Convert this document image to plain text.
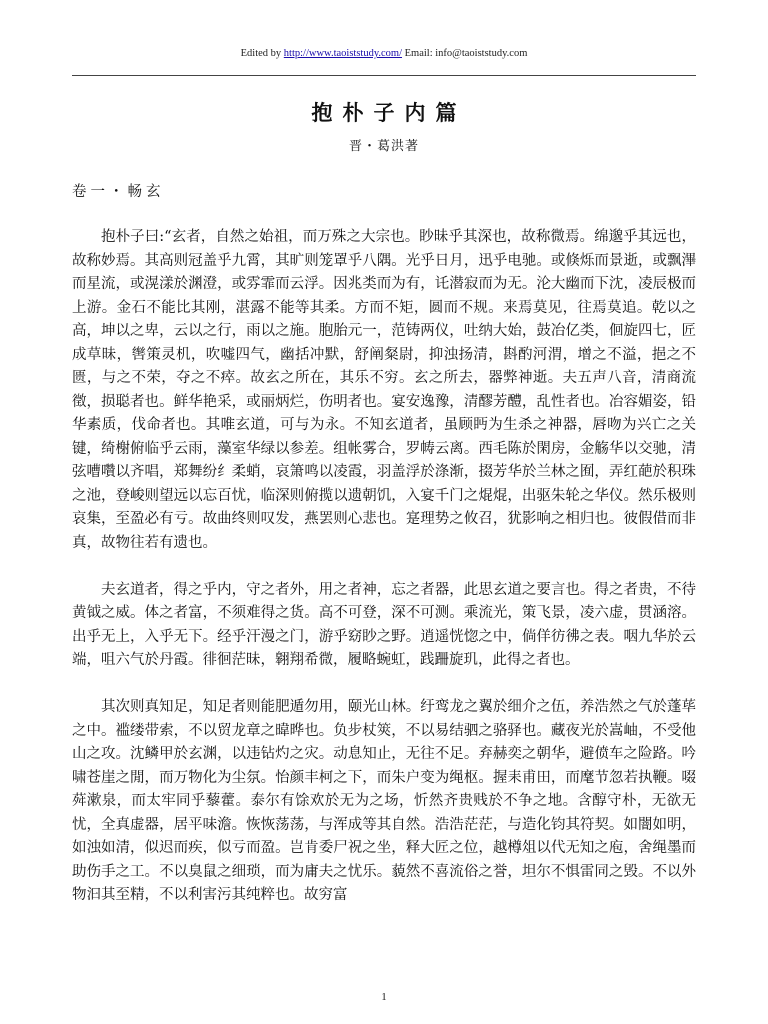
Edited by http://www.taoiststudy.com/ Email: info@taoiststudy.com
抱朴子内篇
晋・葛洪著
卷一・畅玄

抱朴子曰:“玄者，自然之始祖，而万殊之大宗也。眇昧乎其深也，故称微焉。绵邈乎其远也，故称妙焉。其高则冠盖乎九霄，其旷则笼罩乎八隅。光乎日月，迅乎电驰。或倏烁而景逝，或飘滭而星流，或滉漾於渊澄，或雰霏而云浮。因兆类而为有，讬潜寂而为无。沦大幽而下沈，凌辰极而上游。金石不能比其刚，湛露不能等其柔。方而不矩，圆而不规。来焉莫见，往焉莫追。乾以之高，坤以之卑，云以之行，雨以之施。胞胎元一，范铸两仪，吐纳大始，鼓冶亿类，佪旋四七，匠成草昧，辔策灵机，吹嘘四气，幽括冲默，舒阐粲尉，抑浊扬清，斟酌河渭，增之不溢，挹之不匮，与之不荣，夺之不瘁。故玄之所在，其乐不穷。玄之所去，器弊神逝。夫五声八音，清商流徵，损聪者也。鲜华艳采，或丽炳烂，伤明者也。宴安逸豫，清醪芳醴，乱性者也。冶容媚姿，铅华素质，伐命者也。其唯玄道，可与为永。不知玄道者，虽顾眄为生杀之神器，唇吻为兴亡之关键，绮榭俯临乎云雨，藻室华绿以参差。组帐雾合，罗帱云离。西毛陈於閑房，金觞华以交驰，清弦嘈囋以齐唱，郑舞纷纟柔蛸，哀箫鸣以凌霞，羽盖浮於涤渐，掇芳华於兰林之囿，弄红葩於积珠之池，登峻则望远以忘百忧，临深则俯揽以遗朝饥，入宴千门之焜焜，出驱朱轮之华仪。然乐极则哀集，至盈必有亏。故曲终则叹发，燕罢则心悲也。寔理势之攸召，犹影响之相归也。彼假借而非真，故物往若有遗也。

夫玄道者，得之乎内，守之者外，用之者神，忘之者器，此思玄道之要言也。得之者贵，不待黄钺之威。体之者富，不须难得之货。高不可登，深不可测。乘流光，策飞景，凌六虚，贯涵溶。出乎无上，入乎无下。经乎汗漫之门，游乎窈眇之野。逍遥恍惚之中，倘佯彷彿之表。咽九华於云端，咀六气於丹霞。徘徊茫昧，翱翔希微，履略蜿虹，践跚旋玑，此得之者也。

其次则真知足，知足者则能肥遁勿用，颐光山林。纡鸾龙之翼於细介之伍，养浩然之气於蓬荜之中。褴缕带索，不以贸龙章之暐晔也。负步杖筴，不以易结驷之骆驿也。藏夜光於嵩岫，不受他山之攻。沈鳞甲於玄渊，以违钻灼之灾。动息知止，无往不足。弃赫奕之朝华，避偾车之险路。吟啸苍崖之閒，而万物化为尘氛。怡颜丰柯之下，而朱户变为绳枢。握耒甫田，而麾节忽若执鞭。啜荈漱泉，而太牢同乎藜藿。泰尔有馀欢於无为之场，忻然齐贵贱於不争之地。含醇守朴，无欲无忧，全真虚器，居平味澹。恢恢荡荡，与浑成等其自然。浩浩茫茫，与造化钧其符契。如闇如明，如浊如清，似迟而疾，似亏而盈。岂肯委尸祝之坐，释大匠之位，越樽俎以代无知之庖，舍绳墨而助伤手之工。不以臭鼠之细琐，而为庸夫之忧乐。藐然不喜流俗之誉，坦尔不惧雷同之毁。不以外物汩其至精，不以利害污其纯粹也。故穷富

1
